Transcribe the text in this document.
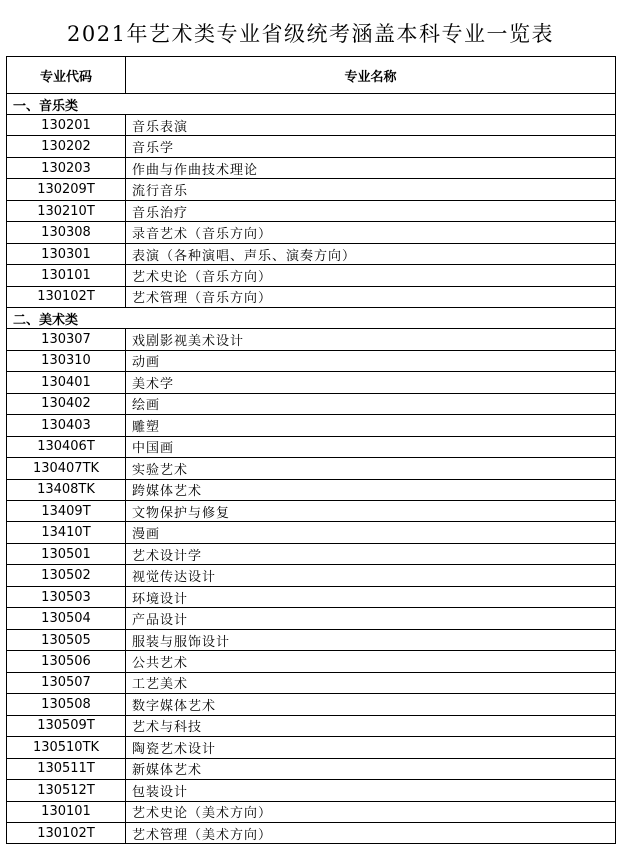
2021年艺术类专业省级统考涵盖本科专业一览表
专业代码	专业名称
一、音乐类	
130201	音乐表演
130202	音乐学
130203	作曲与作曲技术理论
130209T	流行音乐
130210T	音乐治疗
130308	录音艺术（音乐方向）
130301	表演（各种演唱、声乐、演奏方向）
130101	艺术史论（音乐方向）
130102T	艺术管理（音乐方向）
二、美术类	
130307	戏剧影视美术设计
130310	动画
130401	美术学
130402	绘画
130403	雕塑
130406T	中国画
130407TK	实验艺术
13408TK	跨媒体艺术
13409T	文物保护与修复
13410T	漫画
130501	艺术设计学
130502	视觉传达设计
130503	环境设计
130504	产品设计
130505	服装与服饰设计
130506	公共艺术
130507	工艺美术
130508	数字媒体艺术
130509T	艺术与科技
130510TK	陶瓷艺术设计
130511T	新媒体艺术
130512T	包装设计
130101	艺术史论（美术方向）
130102T	艺术管理（美术方向）
